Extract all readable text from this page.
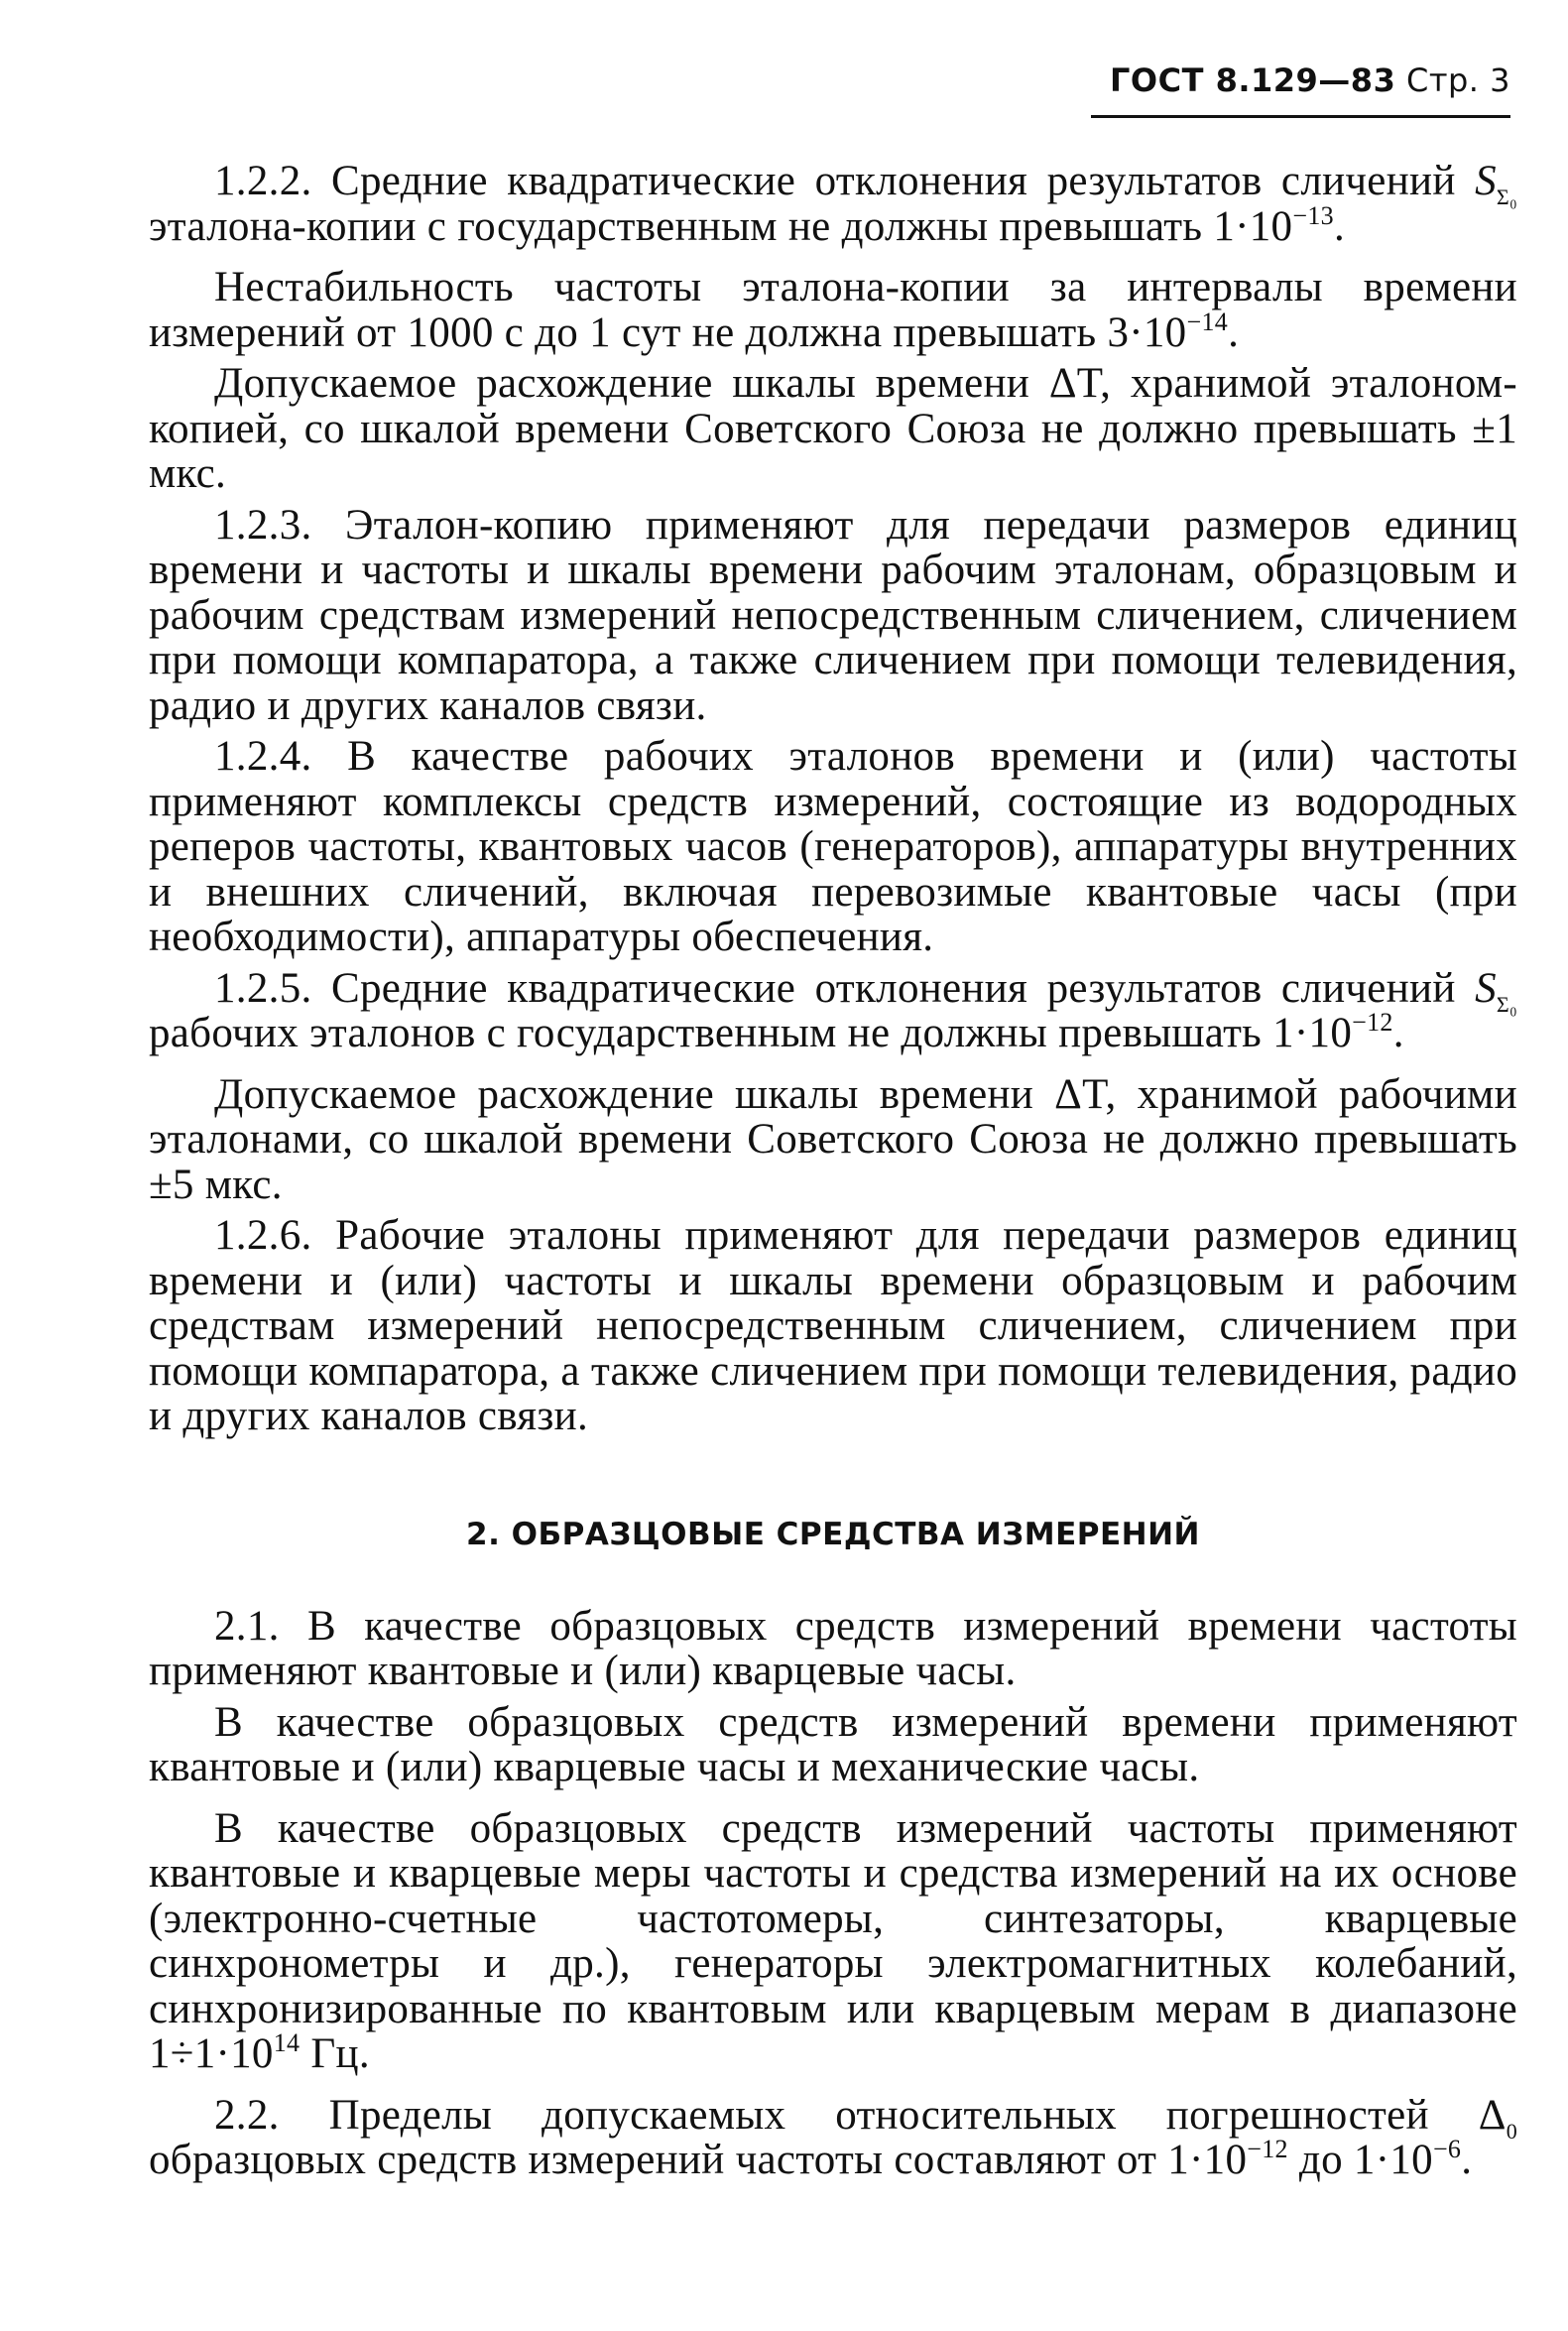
ГОСТ 8.129—83 Стр. 3

1.2.2. Средние квадратические отклонения результатов сличений $S_{\Sigma_0}$ эталона-копии с государственным не должны превышать $1\cdot 10^{-13}$.

Нестабильность частоты эталона-копии за интервалы времени измерений от 1000 с до 1 сут не должна превышать $3\cdot 10^{-14}$.

Допускаемое расхождение шкалы времени ΔT, хранимой эталоном-копией, со шкалой времени Советского Союза не должно превышать ±1 мкс.

1.2.3. Эталон-копию применяют для передачи размеров единиц времени и частоты и шкалы времени рабочим эталонам, образцовым и рабочим средствам измерений непосредственным сличением, сличением при помощи компаратора, а также сличением при помощи телевидения, радио и других каналов связи.

1.2.4. В качестве рабочих эталонов времени и (или) частоты применяют комплексы средств измерений, состоящие из водородных реперов частоты, квантовых часов (генераторов), аппаратуры внутренних и внешних сличений, включая перевозимые квантовые часы (при необходимости), аппаратуры обеспечения.

1.2.5. Средние квадратические отклонения результатов сличений $S_{\Sigma_0}$ рабочих эталонов с государственным не должны превышать $1\cdot 10^{-12}$.

Допускаемое расхождение шкалы времени ΔT, хранимой рабочими эталонами, со шкалой времени Советского Союза не должно превышать ±5 мкс.

1.2.6. Рабочие эталоны применяют для передачи размеров единиц времени и (или) частоты и шкалы времени образцовым и рабочим средствам измерений непосредственным сличением, сличением при помощи компаратора, а также сличением при помощи телевидения, радио и других каналов связи.

2. ОБРАЗЦОВЫЕ СРЕДСТВА ИЗМЕРЕНИЙ

2.1. В качестве образцовых средств измерений времени частоты применяют квантовые и (или) кварцевые часы.

В качестве образцовых средств измерений времени применяют квантовые и (или) кварцевые часы и механические часы.

В качестве образцовых средств измерений частоты применяют квантовые и кварцевые меры частоты и средства измерений на их основе (электронно-счетные частотомеры, синтезаторы, кварцевые синхронометры и др.), генераторы электромагнитных колебаний, синхронизированные по квантовым или кварцевым мерам в диапазоне $1\div 1\cdot 10^{14}$ Гц.

2.2. Пределы допускаемых относительных погрешностей $\Delta_0$ образцовых средств измерений частоты составляют от $1\cdot 10^{-12}$ до $1\cdot 10^{-6}$.
